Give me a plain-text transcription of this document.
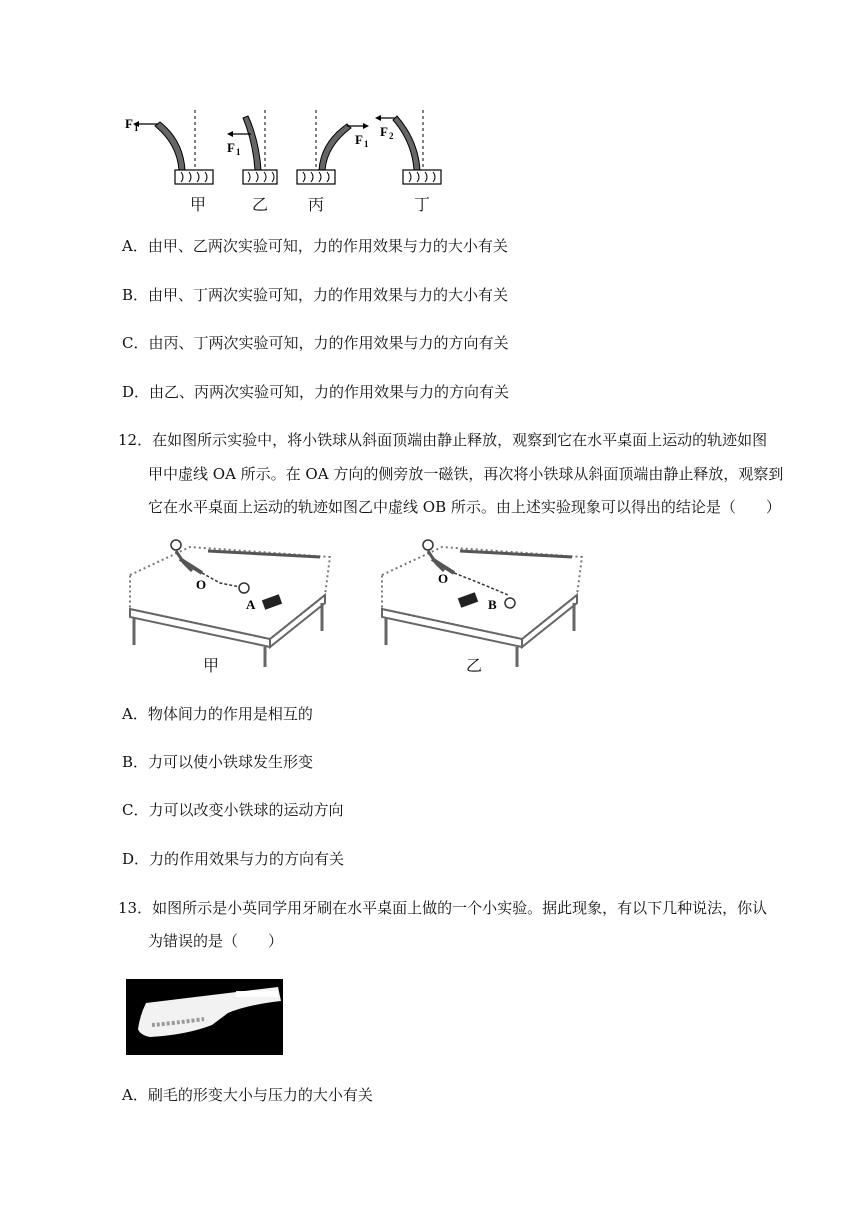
F 1
F 1
F 1
F 2
甲	乙 丙	丁
A．由甲、乙两次实验可知，力的作用效果与力的大小有关
B．由甲、丁两次实验可知，力的作用效果与力的大小有关
C．由丙、丁两次实验可知，力的作用效果与力的方向有关
D．由乙、丙两次实验可知，力的作用效果与力的方向有关
12．在如图所示实验中，将小铁球从斜面顶端由静止释放，观察到它在水平桌面上运动的轨迹如图
甲中虚线 OA 所示。在 OA 方向的侧旁放一磁铁，再次将小铁球从斜面顶端由静止释放，观察到
它在水平桌面上运动的轨迹如图乙中虚线 OB 所示。由上述实验现象可以得出的结论是（　　）
O
A
O
B
甲	乙
A．物体间力的作用是相互的
B．力可以使小铁球发生形变
C．力可以改变小铁球的运动方向
D．力的作用效果与力的方向有关
13．如图所示是小英同学用牙刷在水平桌面上做的一个小实验。据此现象，有以下几种说法，你认
为错误的是（　　）
A．刷毛的形变大小与压力的大小有关
